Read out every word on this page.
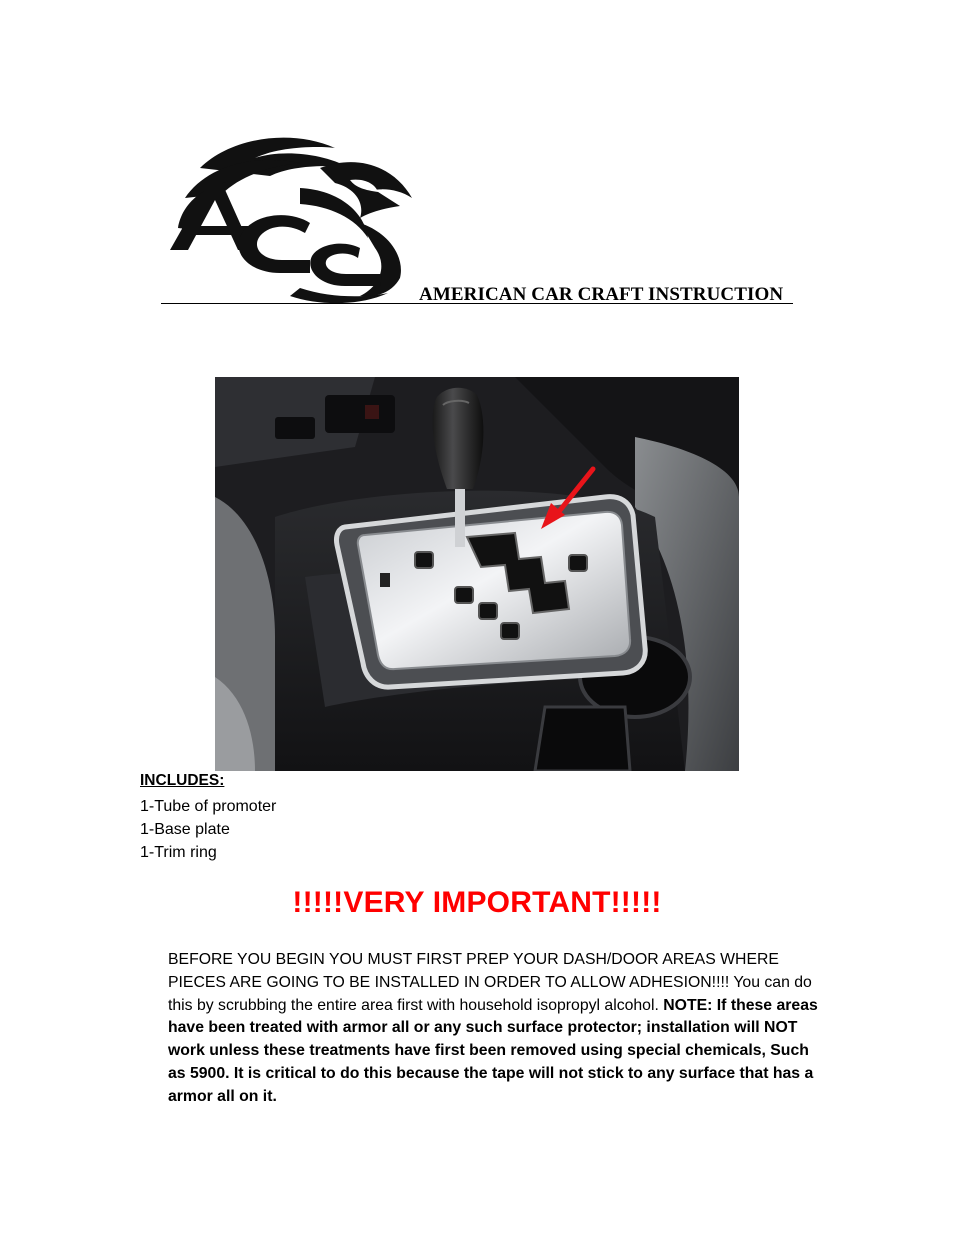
AMERICAN CAR CRAFT INSTRUCTION
INCLUDES:
1-Tube of promoter
1-Base plate
1-Trim ring
!!!!!VERY IMPORTANT!!!!!

BEFORE YOU BEGIN YOU MUST FIRST PREP YOUR DASH/DOOR AREAS WHERE PIECES ARE GOING TO BE INSTALLED IN ORDER TO ALLOW ADHESION!!!! You can do this by scrubbing the entire area first with household isopropyl alcohol. NOTE: If these areas have been treated with armor all or any such surface protector; installation will NOT work unless these treatments have first been removed using special chemicals, Such as 5900. It is critical to do this because the tape will not stick to any surface that has a armor all on it.
